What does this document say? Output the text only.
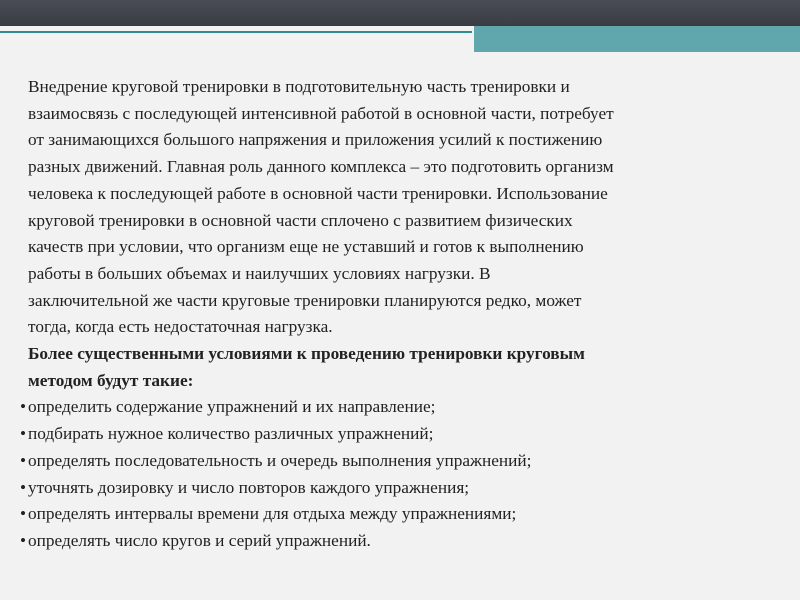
Внедрение круговой тренировки в подготовительную часть тренировки и
взаимосвязь с последующей интенсивной работой в основной части, потребует
от занимающихся большого напряжения и приложения усилий к постижению
разных движений. Главная роль данного комплекса – это подготовить организм
человека к последующей работе в основной части тренировки. Использование
круговой тренировки в основной части сплочено с развитием физических
качеств при условии, что организм еще не уставший и готов к выполнению
работы в больших объемах и наилучших условиях нагрузки. В
заключительной же части круговые тренировки планируются редко, может
тогда, когда есть недостаточная нагрузка.
Более существенными условиями к проведению тренировки круговым
методом будут такие:
• определить содержание упражнений и их направление;
• подбирать нужное количество различных упражнений;
• определять последовательность и очередь выполнения упражнений;
• уточнять дозировку и число повторов каждого упражнения;
• определять интервалы времени для отдыха между упражнениями;
• определять число кругов и серий упражнений.
